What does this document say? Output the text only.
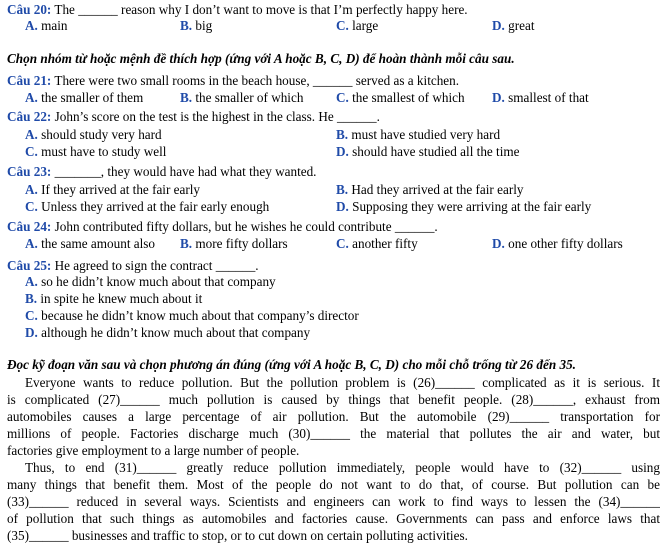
Câu 20: The ______ reason why I don’t want to move is that I’m perfectly happy here.
A. main	B. big	C. large	D. great
Chọn nhóm từ hoặc mệnh đề thích hợp (ứng với A hoặc B, C, D) để hoàn thành mỗi câu sau.
Câu 21: There were two small rooms in the beach house, ______ served as a kitchen.
A. the smaller of them	B. the smaller of which C. the smallest of which D. smallest of that
Câu 22: John’s score on the test is the highest in the class. He ______.
A. should study very hard	B. must have studied very hard
C. must have to study well	D. should have studied all the time
Câu 23: _______, they would have had what they wanted.
A. If they arrived at the fair early	B. Had they arrived at the fair early
C. Unless they arrived at the fair early enough	D. Supposing they were arriving at the fair early
Câu 24: John contributed fifty dollars, but he wishes he could contribute ______.
A. the same amount also B. more fifty dollars	C. another fifty	D. one other fifty dollars
Câu 25: He agreed to sign the contract ______.
A. so he didn’t know much about that company
B. in spite he knew much about it
C. because he didn’t know much about that company’s director
D. although he didn’t know much about that company
Đọc kỹ đoạn văn sau và chọn phương án đúng (ứng với A hoặc B, C, D) cho mỗi chỗ trống từ 26 đến 35.
Everyone wants to reduce pollution. But the pollution problem is (26)______ complicated as it is serious. It
is complicated (27)______ much pollution is caused by things that benefit people. (28)______, exhaust from
automobiles causes a large percentage of air pollution. But the automobile (29)______ transportation for
millions of people. Factories discharge much (30)______ the material that pollutes the air and water, but
factories give employment to a large number of people.
Thus, to end (31)______ greatly reduce pollution immediately, people would have to (32)______ using
many things that benefit them. Most of the people do not want to do that, of course. But pollution can be
(33)______ reduced in several ways. Scientists and engineers can work to find ways to lessen the (34)______
of pollution that such things as automobiles and factories cause. Governments can pass and enforce laws that
(35)______ businesses and traffic to stop, or to cut down on certain polluting activities.
